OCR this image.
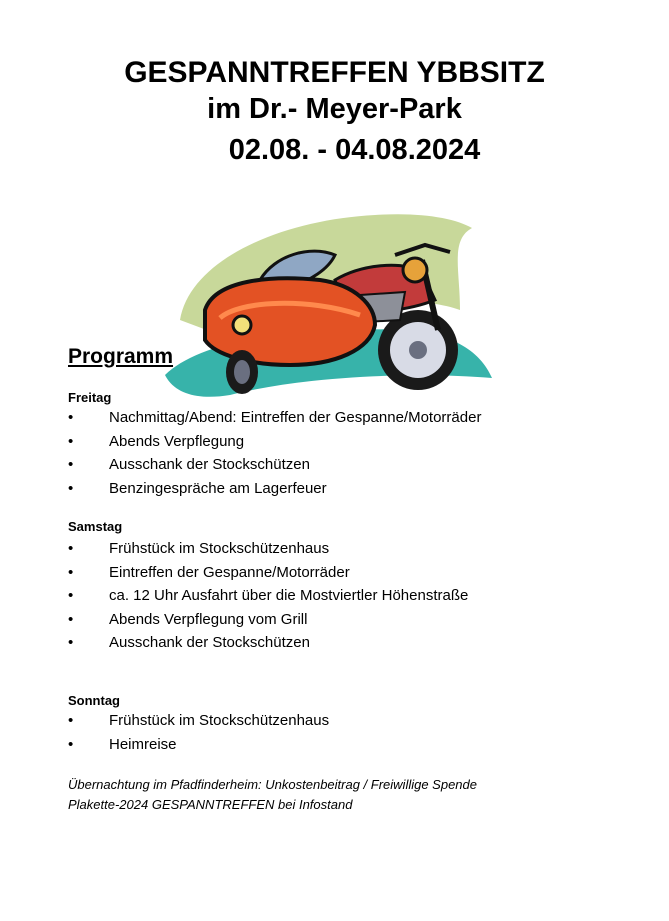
GESPANNTREFFEN YBBSITZ
im Dr.- Meyer-Park
02.08. - 04.08.2024
Programm
Freitag
• Nachmittag/Abend: Eintreffen der Gespanne/Motorräder
• Abends Verpflegung
• Ausschank der Stockschützen
• Benzingespräche am Lagerfeuer
Samstag
• Frühstück im Stockschützenhaus
• Eintreffen der Gespanne/Motorräder
• ca. 12 Uhr Ausfahrt über die Mostviertler Höhenstraße
• Abends Verpflegung vom Grill
• Ausschank der Stockschützen
Sonntag
• Frühstück im Stockschützenhaus
• Heimreise
Übernachtung im Pfadfinderheim: Unkostenbeitrag / Freiwillige Spende
Plakette-2024 GESPANNTREFFEN bei Infostand
